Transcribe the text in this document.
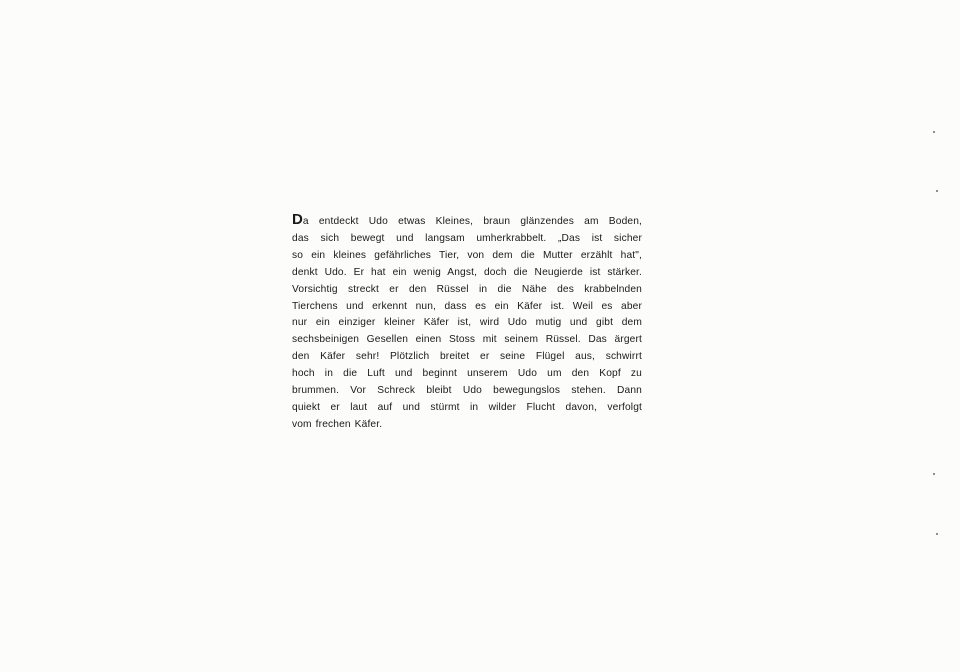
Da entdeckt Udo etwas Kleines, braun glänzendes am Boden,
das sich bewegt und langsam umherkrabbelt. „Das ist sicher
so ein kleines gefährliches Tier, von dem die Mutter erzählt hat",
denkt Udo. Er hat ein wenig Angst, doch die Neugierde ist stärker.
Vorsichtig streckt er den Rüssel in die Nähe des krabbelnden
Tierchens und erkennt nun, dass es ein Käfer ist. Weil es aber
nur ein einziger kleiner Käfer ist, wird Udo mutig und gibt dem
sechsbeinigen Gesellen einen Stoss mit seinem Rüssel. Das ärgert
den Käfer sehr! Plötzlich breitet er seine Flügel aus, schwirrt
hoch in die Luft und beginnt unserem Udo um den Kopf zu
brummen. Vor Schreck bleibt Udo bewegungslos stehen. Dann
quiekt er laut auf und stürmt in wilder Flucht davon, verfolgt
vom frechen Käfer.
